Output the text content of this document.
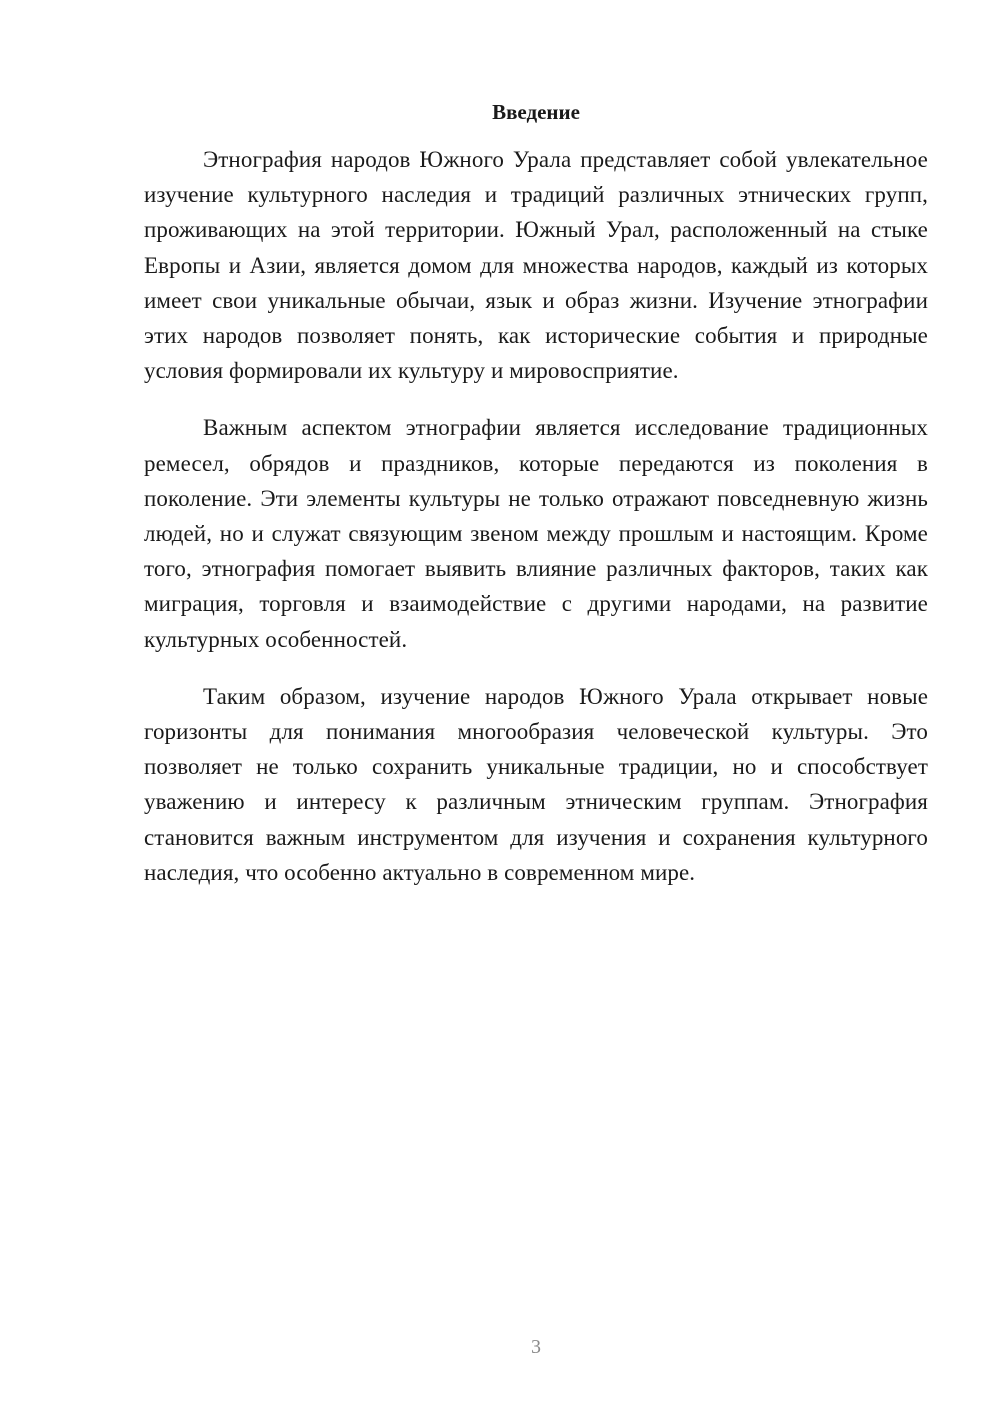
Введение

Этнография народов Южного Урала представляет собой увлекательное изучение культурного наследия и традиций различных этнических групп, проживающих на этой территории. Южный Урал, расположенный на стыке Европы и Азии, является домом для множества народов, каждый из которых имеет свои уникальные обычаи, язык и образ жизни. Изучение этнографии этих народов позволяет понять, как исторические события и природные условия формировали их культуру и мировосприятие.

Важным аспектом этнографии является исследование традиционных ремесел, обрядов и праздников, которые передаются из поколения в поколение. Эти элементы культуры не только отражают повседневную жизнь людей, но и служат связующим звеном между прошлым и настоящим. Кроме того, этнография помогает выявить влияние различных факторов, таких как миграция, торговля и взаимодействие с другими народами, на развитие культурных особенностей.

Таким образом, изучение народов Южного Урала открывает новые горизонты для понимания многообразия человеческой культуры. Это позволяет не только сохранить уникальные традиции, но и способствует уважению и интересу к различным этническим группам. Этнография становится важным инструментом для изучения и сохранения культурного наследия, что особенно актуально в современном мире.

3
